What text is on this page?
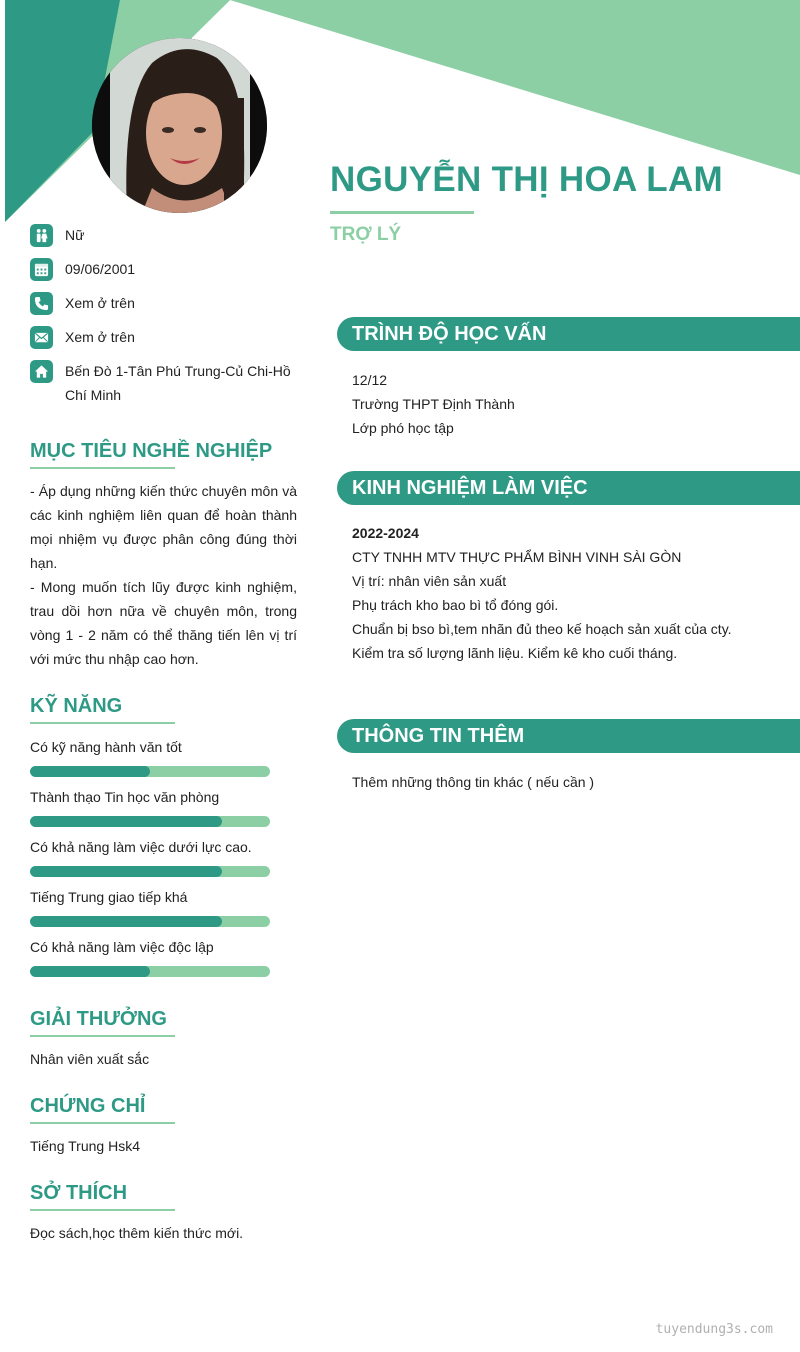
NGUYỄN THỊ HOA LAM
TRỢ LÝ
Nữ
09/06/2001
Xem ở trên
Xem ở trên
Bến Đò 1-Tân Phú Trung-Củ Chi-Hồ Chí Minh
MỤC TIÊU NGHỀ NGHIỆP

- Áp dụng những kiến thức chuyên môn và các kinh nghiệm liên quan để hoàn thành mọi nhiệm vụ được phân công đúng thời hạn.

- Mong muốn tích lũy được kinh nghiệm, trau dồi hơn nữa về chuyên môn, trong vòng 1 - 2 năm có thể thăng tiến lên vị trí với mức thu nhập cao hơn.

KỸ NĂNG
Có kỹ năng hành văn tốt
Thành thạo Tin học văn phòng
Có khả năng làm việc dưới lực cao.
Tiếng Trung giao tiếp khá
Có khả năng làm việc độc lập
GIẢI THƯỞNG
Nhân viên xuất sắc
CHỨNG CHỈ
Tiếng Trung Hsk4
SỞ THÍCH
Đọc sách,học thêm kiến thức mới.
TRÌNH ĐỘ HỌC VẤN
12/12
Trường THPT Định Thành
Lớp phó học tập
KINH NGHIỆM LÀM VIỆC
2022-2024
CTY TNHH MTV THỰC PHẨM BÌNH VINH SÀI GÒN
Vị trí: nhân viên sản xuất
Phụ trách kho bao bì tổ đóng gói.
Chuẩn bị bso bì,tem nhãn đủ theo kế hoạch sản xuất của cty.
Kiểm tra số lượng lãnh liệu. Kiểm kê kho cuối tháng.
THÔNG TIN THÊM
Thêm những thông tin khác ( nếu cần )
tuyendung3s.com
